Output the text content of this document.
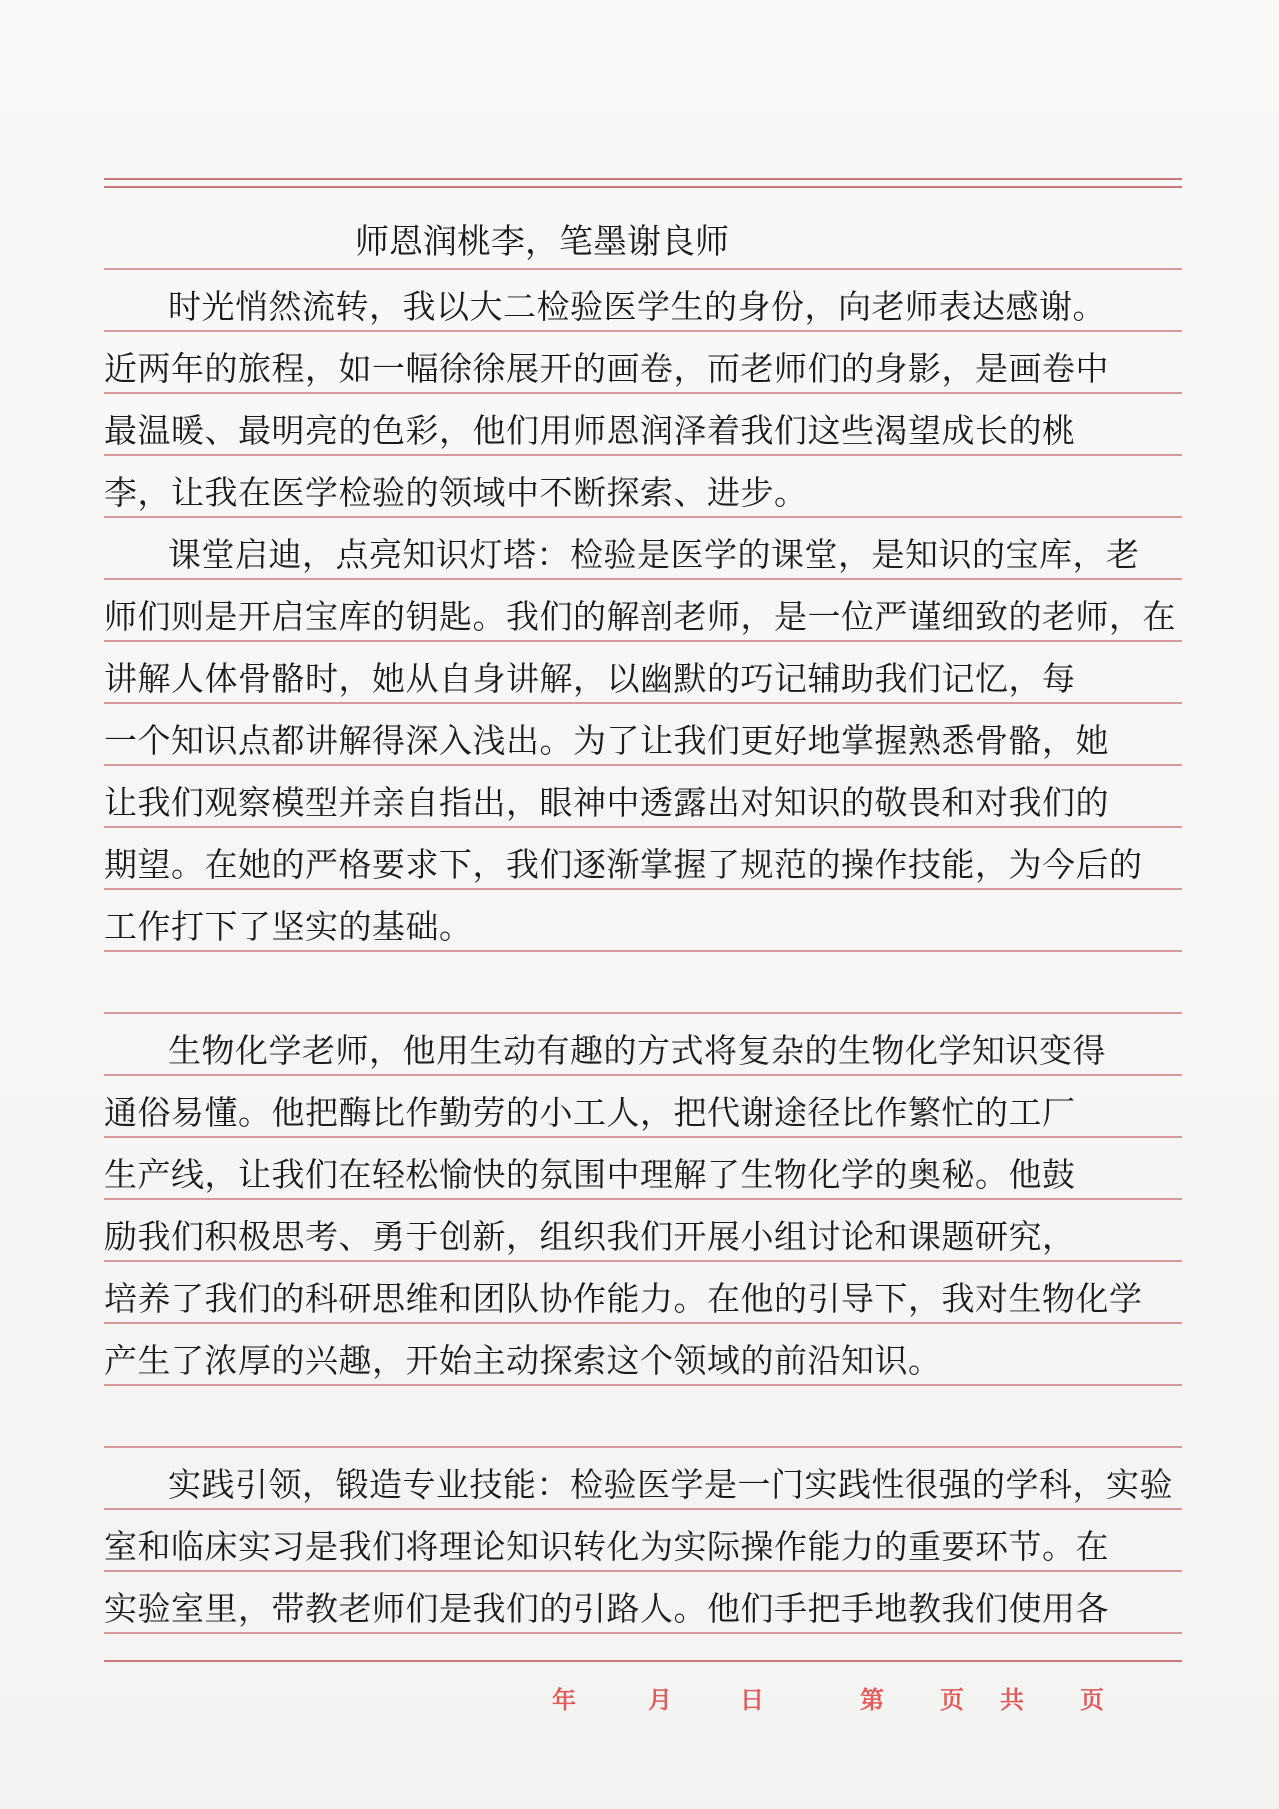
师恩润桃李，笔墨谢良师
时光悄然流转，我以大二检验医学生的身份，向老师表达感谢。
近两年的旅程，如一幅徐徐展开的画卷，而老师们的身影，是画卷中
最温暖、最明亮的色彩，他们用师恩润泽着我们这些渴望成长的桃
李，让我在医学检验的领域中不断探索、进步。
课堂启迪，点亮知识灯塔：检验是医学的课堂，是知识的宝库，老
师们则是开启宝库的钥匙。我们的解剖老师，是一位严谨细致的老师，在
讲解人体骨骼时，她从自身讲解，以幽默的巧记辅助我们记忆，每
一个知识点都讲解得深入浅出。为了让我们更好地掌握熟悉骨骼，她
让我们观察模型并亲自指出，眼神中透露出对知识的敬畏和对我们的
期望。在她的严格要求下，我们逐渐掌握了规范的操作技能，为今后的
工作打下了坚实的基础。
生物化学老师，他用生动有趣的方式将复杂的生物化学知识变得
通俗易懂。他把酶比作勤劳的小工人，把代谢途径比作繁忙的工厂
生产线，让我们在轻松愉快的氛围中理解了生物化学的奥秘。他鼓
励我们积极思考、勇于创新，组织我们开展小组讨论和课题研究，
培养了我们的科研思维和团队协作能力。在他的引导下，我对生物化学
产生了浓厚的兴趣，开始主动探索这个领域的前沿知识。
实践引领，锻造专业技能：检验医学是一门实践性很强的学科，实验
室和临床实习是我们将理论知识转化为实际操作能力的重要环节。在
实验室里，带教老师们是我们的引路人。他们手把手地教我们使用各
年	月	日	第 页 共 页
